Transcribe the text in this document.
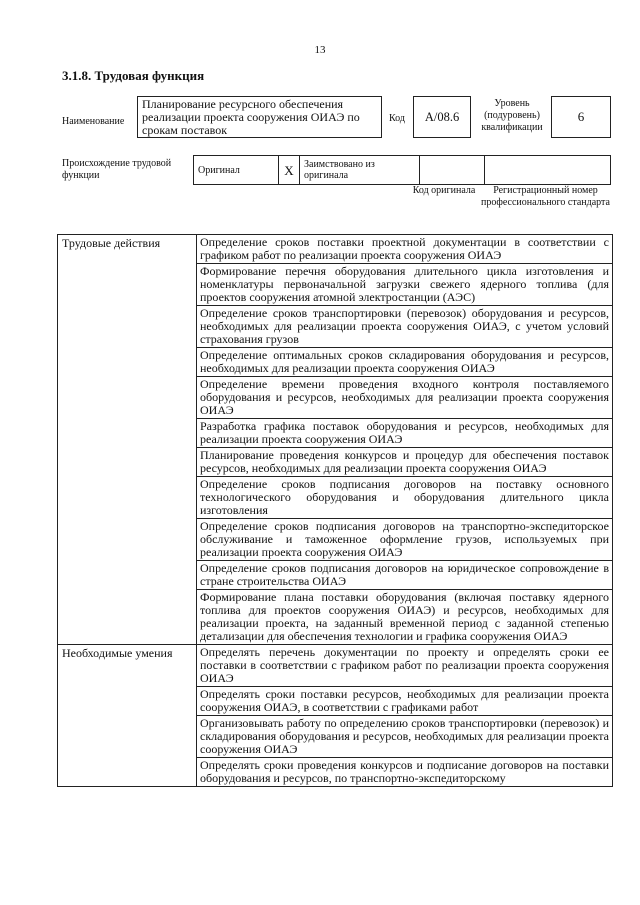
13
3.1.8. Трудовая функция
Наименование
Планирование ресурсного обеспечения реализации проекта сооружения ОИАЭ по срокам поставок
Код	А/08.6
Уровень (подуровень) квалификации
6
Происхождение трудовой функции	Оригинал	X	Заимствовано из оригинала		
Код оригинала	Регистрационный номер профессионального стандарта
Трудовые действия	Определение сроков поставки проектной документации в соответствии с графиком работ по реализации проекта сооружения ОИАЭ
	Формирование перечня оборудования длительного цикла изготовления и номенклатуры первоначальной загрузки свежего ядерного топлива (для проектов сооружения атомной электростанции (АЭС)
	Определение сроков транспортировки (перевозок) оборудования и ресурсов, необходимых для реализации проекта сооружения ОИАЭ, с учетом условий страхования грузов
	Определение оптимальных сроков складирования оборудования и ресурсов, необходимых для реализации проекта сооружения ОИАЭ
	Определение времени проведения входного контроля поставляемого оборудования и ресурсов, необходимых для реализации проекта сооружения ОИАЭ
	Разработка графика поставок оборудования и ресурсов, необходимых для реализации проекта сооружения ОИАЭ
	Планирование проведения конкурсов и процедур для обеспечения поставок ресурсов, необходимых для реализации проекта сооружения ОИАЭ
	Определение сроков подписания договоров на поставку основного технологического оборудования и оборудования длительного цикла изготовления
	Определение сроков подписания договоров на транспортно-экспедиторское обслуживание и таможенное оформление грузов, используемых при реализации проекта сооружения ОИАЭ
	Определение сроков подписания договоров на юридическое сопровождение в стране строительства ОИАЭ
	Формирование плана поставки оборудования (включая поставку ядерного топлива для проектов сооружения ОИАЭ) и ресурсов, необходимых для реализации проекта, на заданный временной период с заданной степенью детализации для обеспечения технологии и графика сооружения ОИАЭ
Необходимые умения	Определять перечень документации по проекту и определять сроки ее поставки в соответствии с графиком работ по реализации проекта сооружения ОИАЭ
	Определять сроки поставки ресурсов, необходимых для реализации проекта сооружения ОИАЭ, в соответствии с графиками работ
	Организовывать работу по определению сроков транспортировки (перевозок) и складирования оборудования и ресурсов, необходимых для реализации проекта сооружения ОИАЭ
	Определять сроки проведения конкурсов и подписание договоров на поставки оборудования и ресурсов, по транспортно-экспедиторскому
